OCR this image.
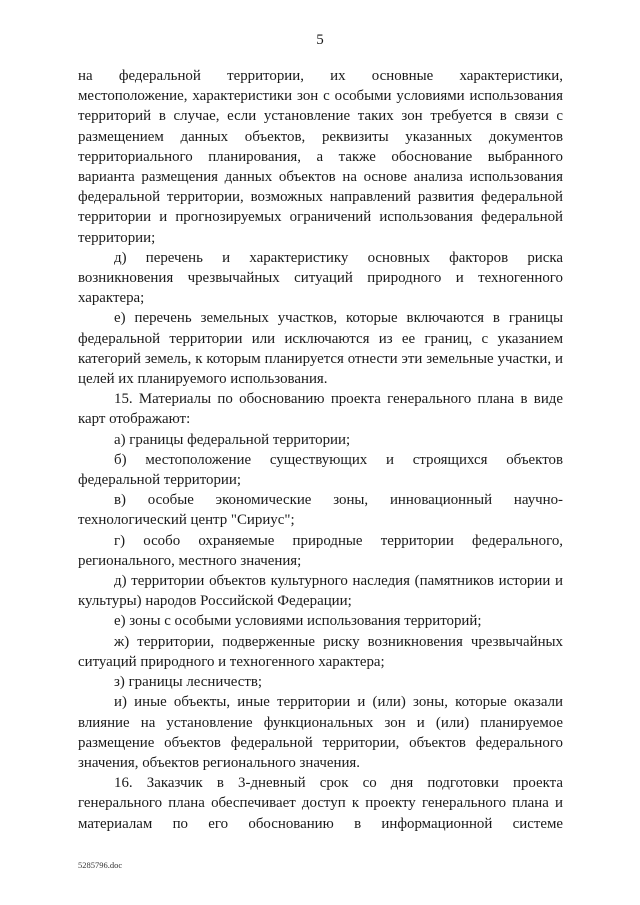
5

на федеральной территории, их основные характеристики, местоположение, характеристики зон с особыми условиями использования территорий в случае, если установление таких зон требуется в связи с размещением данных объектов, реквизиты указанных документов территориального планирования, а также обоснование выбранного варианта размещения данных объектов на основе анализа использования федеральной территории, возможных направлений развития федеральной территории и прогнозируемых ограничений использования федеральной территории;

д) перечень и характеристику основных факторов риска возникновения чрезвычайных ситуаций природного и техногенного характера;

е) перечень земельных участков, которые включаются в границы федеральной территории или исключаются из ее границ, с указанием категорий земель, к которым планируется отнести эти земельные участки, и целей их планируемого использования.

15. Материалы по обоснованию проекта генерального плана в виде карт отображают:

а) границы федеральной территории;

б) местоположение существующих и строящихся объектов федеральной территории;

в) особые экономические зоны, инновационный научно-технологический центр "Сириус";

г) особо охраняемые природные территории федерального, регионального, местного значения;

д) территории объектов культурного наследия (памятников истории и культуры) народов Российской Федерации;

е) зоны с особыми условиями использования территорий;

ж) территории, подверженные риску возникновения чрезвычайных ситуаций природного и техногенного характера;

з) границы лесничеств;

и) иные объекты, иные территории и (или) зоны, которые оказали влияние на установление функциональных зон и (или) планируемое размещение объектов федеральной территории, объектов федерального значения, объектов регионального значения.

16. Заказчик в 3-дневный срок со дня подготовки проекта генерального плана обеспечивает доступ к проекту генерального плана и материалам по его обоснованию в информационной системе

5285796.doc
